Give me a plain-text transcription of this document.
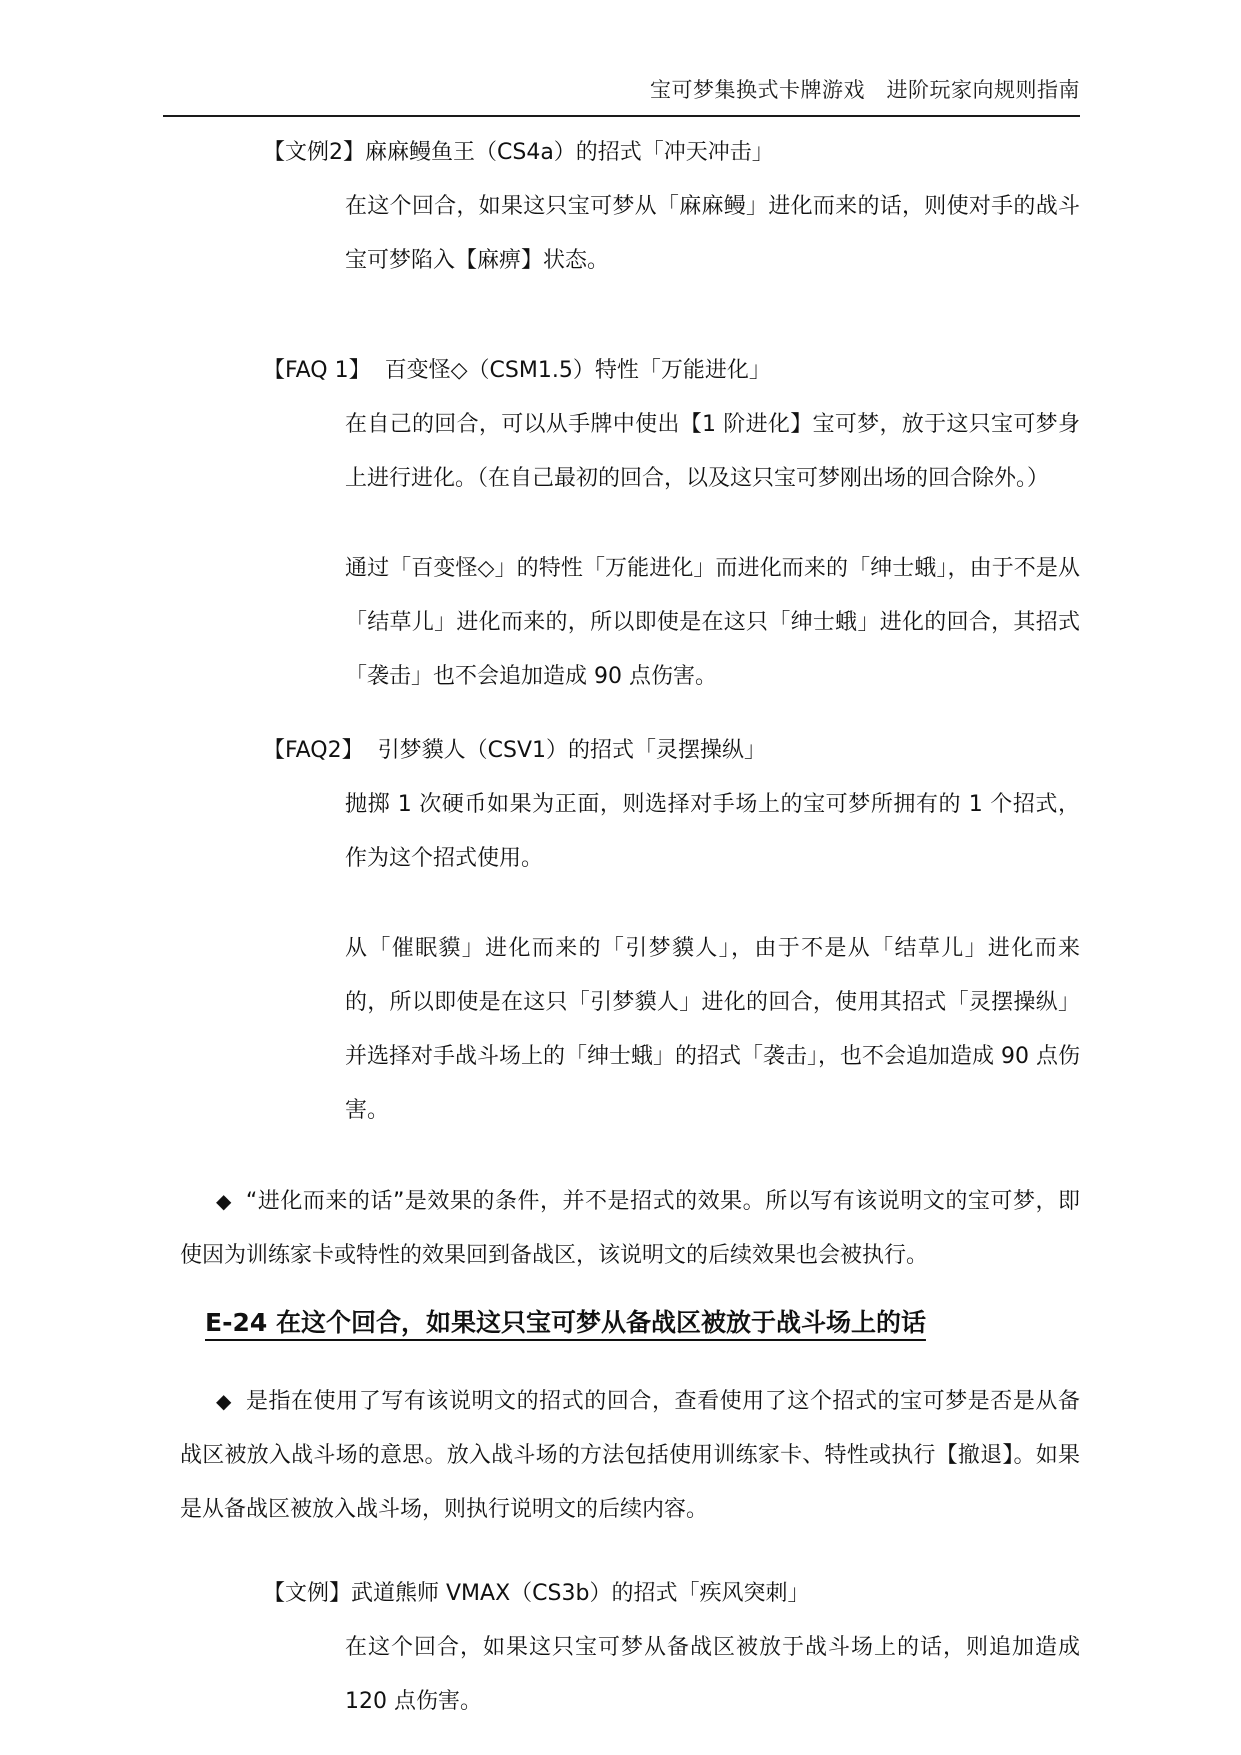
宝可梦集换式卡牌游戏　进阶玩家向规则指南

【文例2】麻麻鳗鱼王（CS4a）的招式「冲天冲击」

在这个回合，如果这只宝可梦从「麻麻鳗」进化而来的话，则使对手的战斗宝可梦陷入【麻痹】状态。

【FAQ 1】 百变怪◇（CSM1.5）特性「万能进化」

在自己的回合，可以从手牌中使出【1 阶进化】宝可梦，放于这只宝可梦身上进行进化。（在自己最初的回合，以及这只宝可梦刚出场的回合除外。）

通过「百变怪◇」的特性「万能进化」而进化而来的「绅士蛾」，由于不是从「结草儿」进化而来的，所以即使是在这只「绅士蛾」进化的回合，其招式「袭击」也不会追加造成 90 点伤害。

【FAQ2】 引梦貘人（CSV1）的招式「灵摆操纵」

抛掷 1 次硬币如果为正面，则选择对手场上的宝可梦所拥有的 1 个招式，作为这个招式使用。

从「催眠貘」进化而来的「引梦貘人」，由于不是从「结草儿」进化而来的，所以即使是在这只「引梦貘人」进化的回合，使用其招式「灵摆操纵」并选择对手战斗场上的「绅士蛾」的招式「袭击」，也不会追加造成 90 点伤害。

◆ “进化而来的话”是效果的条件，并不是招式的效果。所以写有该说明文的宝可梦，即使因为训练家卡或特性的效果回到备战区，该说明文的后续效果也会被执行。

E-24 在这个回合，如果这只宝可梦从备战区被放于战斗场上的话

◆ 是指在使用了写有该说明文的招式的回合，查看使用了这个招式的宝可梦是否是从备战区被放入战斗场的意思。放入战斗场的方法包括使用训练家卡、特性或执行【撤退】。如果是从备战区被放入战斗场，则执行说明文的后续内容。

【文例】武道熊师 VMAX（CS3b）的招式「疾风突刺」

在这个回合，如果这只宝可梦从备战区被放于战斗场上的话，则追加造成 120 点伤害。
